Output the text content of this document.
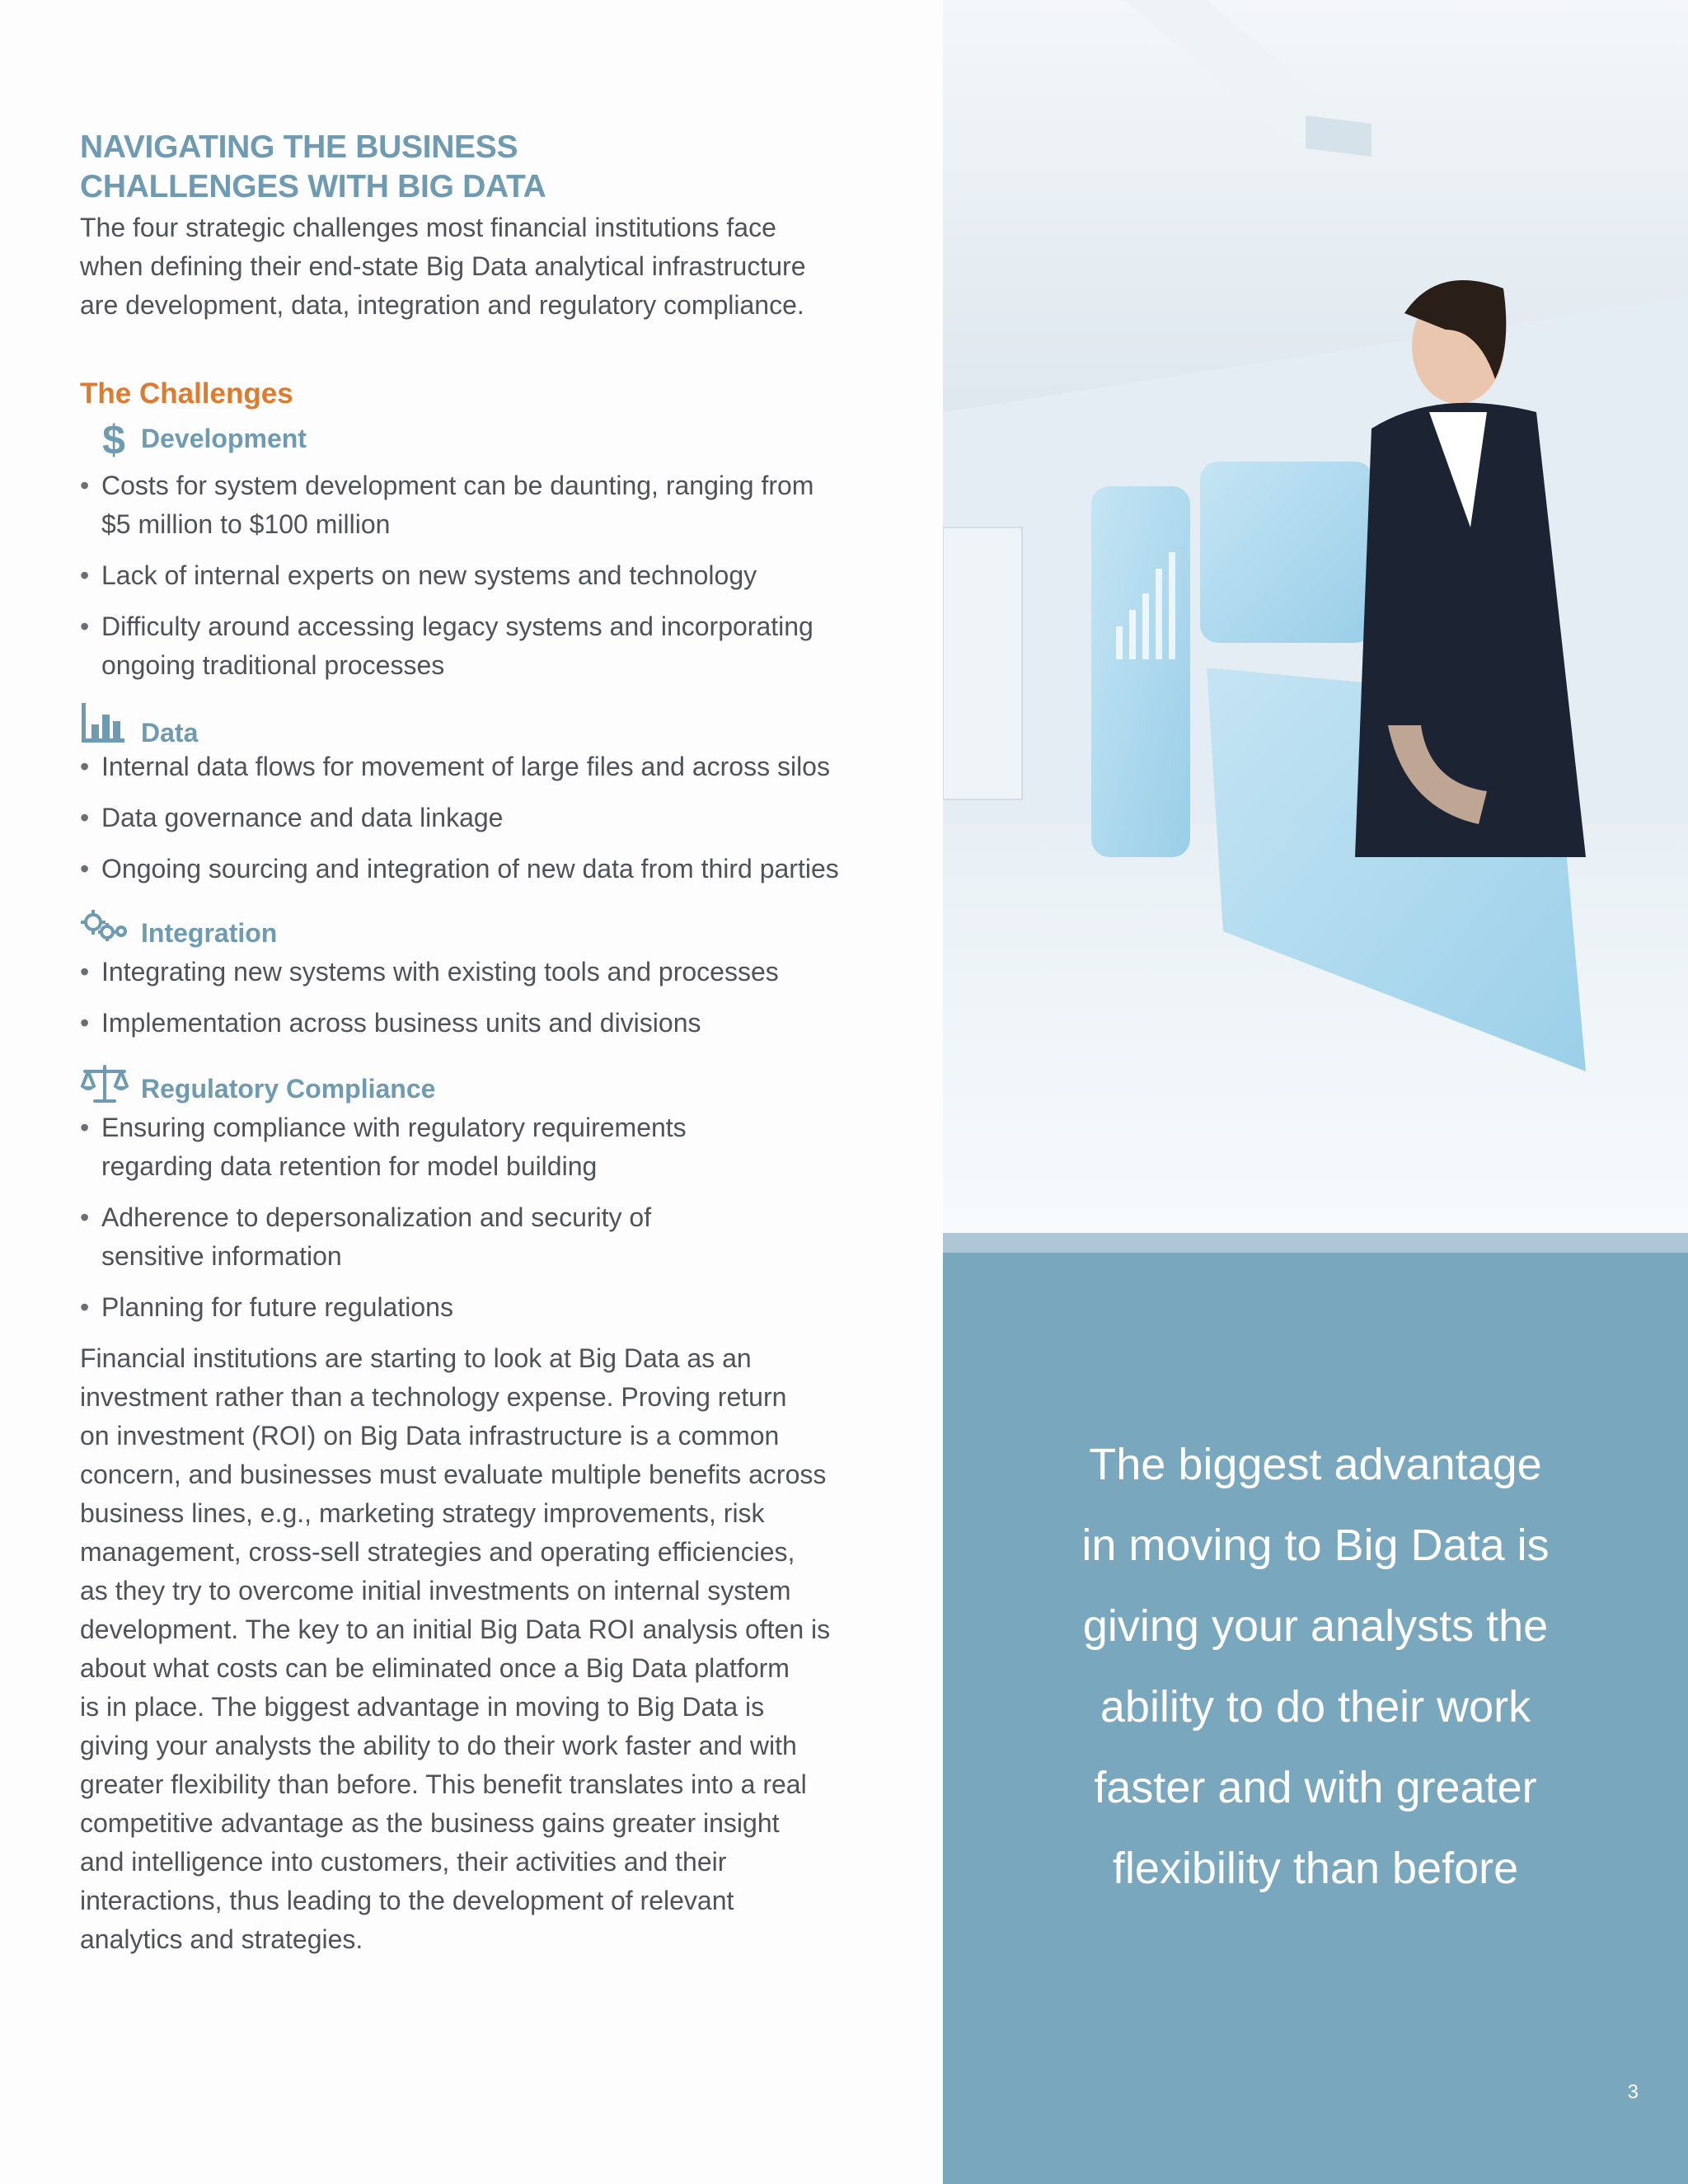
NAVIGATING THE BUSINESS
CHALLENGES WITH BIG DATA

The four strategic challenges most financial institutions face
when defining their end-state Big Data analytical infrastructure
are development, data, integration and regulatory compliance.

The Challenges
$ Development
• Costs for system development can be daunting, ranging from
$5 million to $100 million
• Lack of internal experts on new systems and technology
• Difficulty around accessing legacy systems and incorporating
ongoing traditional processes
Data
• Internal data flows for movement of large files and across silos
• Data governance and data linkage
• Ongoing sourcing and integration of new data from third parties
Integration
• Integrating new systems with existing tools and processes
• Implementation across business units and divisions
Regulatory Compliance
• Ensuring compliance with regulatory requirements
regarding data retention for model building
• Adherence to depersonalization and security of
sensitive information
• Planning for future regulations

Financial institutions are starting to look at Big Data as an
investment rather than a technology expense. Proving return
on investment (ROI) on Big Data infrastructure is a common
concern, and businesses must evaluate multiple benefits across
business lines, e.g., marketing strategy improvements, risk
management, cross-sell strategies and operating efficiencies,
as they try to overcome initial investments on internal system
development. The key to an initial Big Data ROI analysis often is
about what costs can be eliminated once a Big Data platform
is in place. The biggest advantage in moving to Big Data is
giving your analysts the ability to do their work faster and with
greater flexibility than before. This benefit translates into a real
competitive advantage as the business gains greater insight
and intelligence into customers, their activities and their
interactions, thus leading to the development of relevant
analytics and strategies.

The biggest advantage
in moving to Big Data is
giving your analysts the
ability to do their work
faster and with greater
flexibility than before
3
